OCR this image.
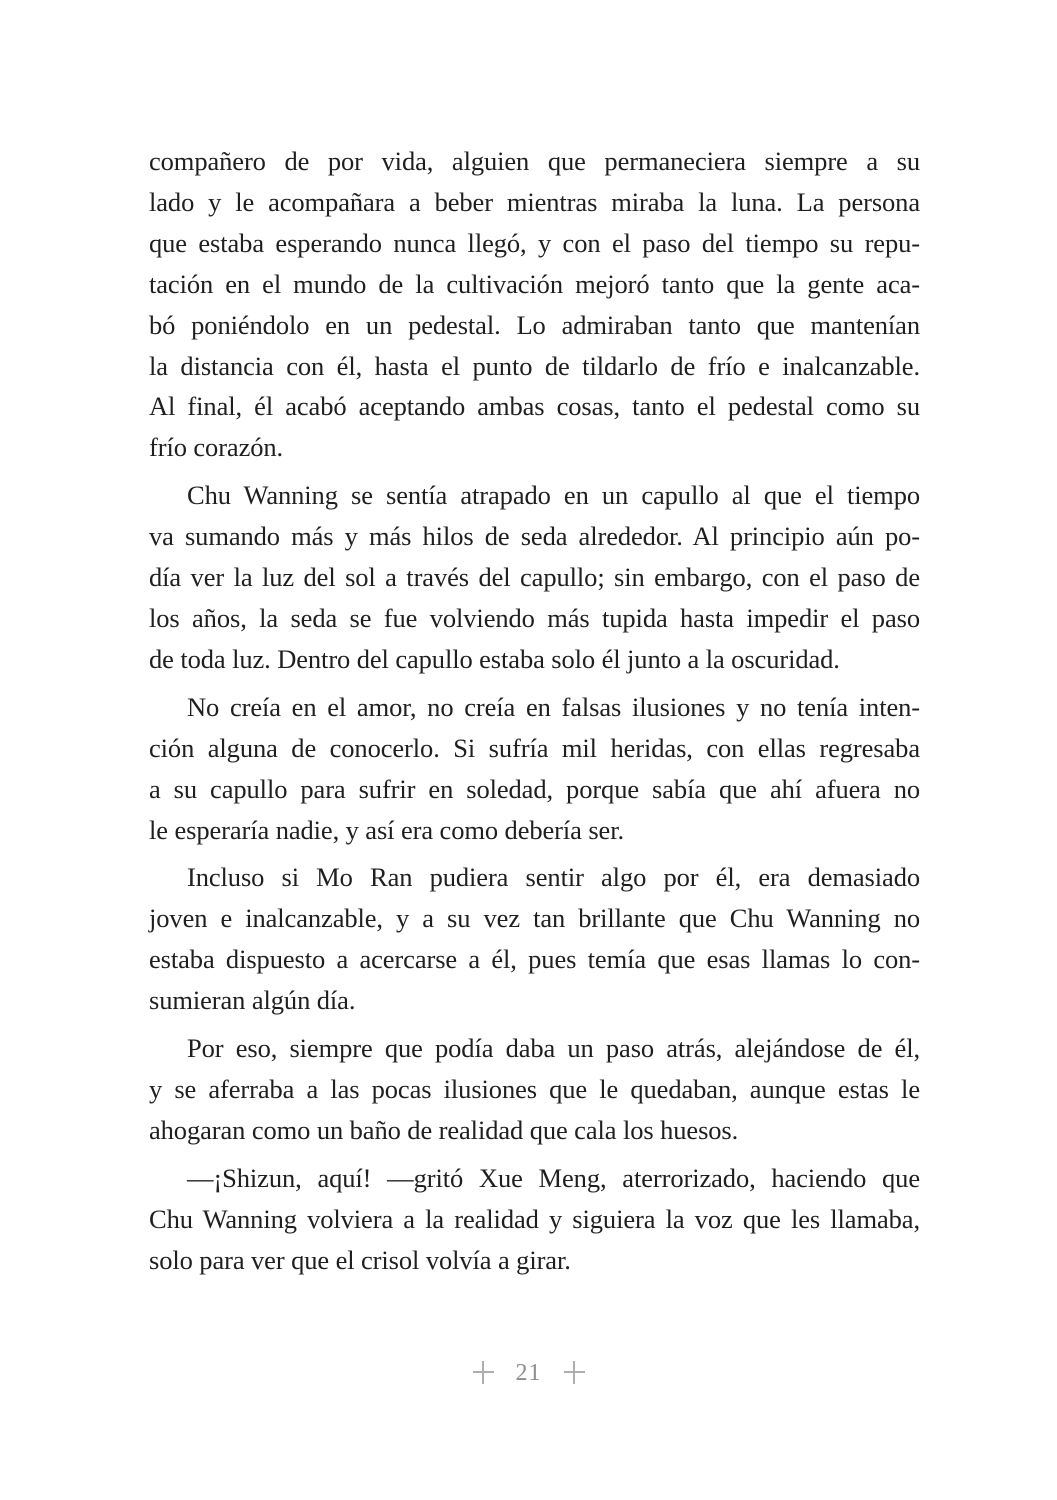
compañero de por vida, alguien que permaneciera siempre a su
lado y le acompañara a beber mientras miraba la luna. La persona
que estaba esperando nunca llegó, y con el paso del tiempo su repu-
tación en el mundo de la cultivación mejoró tanto que la gente aca-
bó poniéndolo en un pedestal. Lo admiraban tanto que mantenían
la distancia con él, hasta el punto de tildarlo de frío e inalcanzable.
Al final, él acabó aceptando ambas cosas, tanto el pedestal como su
frío corazón.
Chu Wanning se sentía atrapado en un capullo al que el tiempo
va sumando más y más hilos de seda alrededor. Al principio aún po-
día ver la luz del sol a través del capullo; sin embargo, con el paso de
los años, la seda se fue volviendo más tupida hasta impedir el paso
de toda luz. Dentro del capullo estaba solo él junto a la oscuridad.
No creía en el amor, no creía en falsas ilusiones y no tenía inten-
ción alguna de conocerlo. Si sufría mil heridas, con ellas regresaba
a su capullo para sufrir en soledad, porque sabía que ahí afuera no
le esperaría nadie, y así era como debería ser.
Incluso si Mo Ran pudiera sentir algo por él, era demasiado
joven e inalcanzable, y a su vez tan brillante que Chu Wanning no
estaba dispuesto a acercarse a él, pues temía que esas llamas lo con-
sumieran algún día.
Por eso, siempre que podía daba un paso atrás, alejándose de él,
y se aferraba a las pocas ilusiones que le quedaban, aunque estas le
ahogaran como un baño de realidad que cala los huesos.
—¡Shizun, aquí! —gritó Xue Meng, aterrorizado, haciendo que
Chu Wanning volviera a la realidad y siguiera la voz que les llamaba,
solo para ver que el crisol volvía a girar.
21
